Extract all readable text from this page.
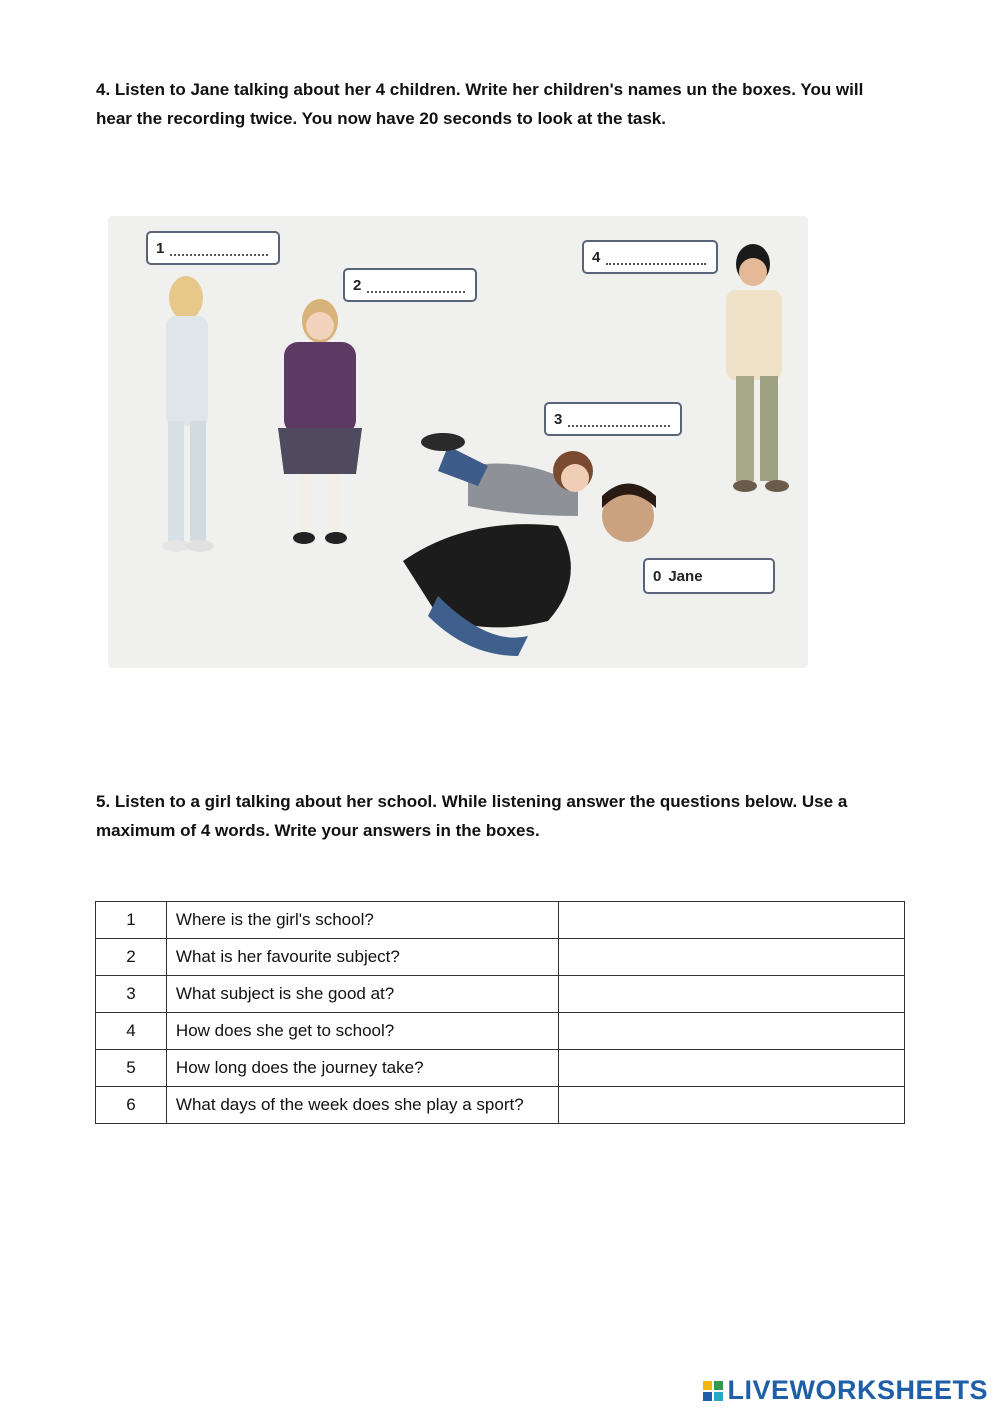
4. Listen to Jane talking about her 4 children. Write her children's names un the boxes. You will hear the recording twice. You now have 20 seconds to look at the task.

1
2
3
4
0 Jane

5. Listen to a girl talking about her school. While listening answer the questions below. Use a maximum of 4 words. Write your answers in the boxes.

1	Where is the girl's school?	
2	What is her favourite subject?	
3	What subject is she good at?	
4	How does she get to school?	
5	How long does the journey take?	
6	What days of the week does she play a sport?	
LIVEWORKSHEETS
